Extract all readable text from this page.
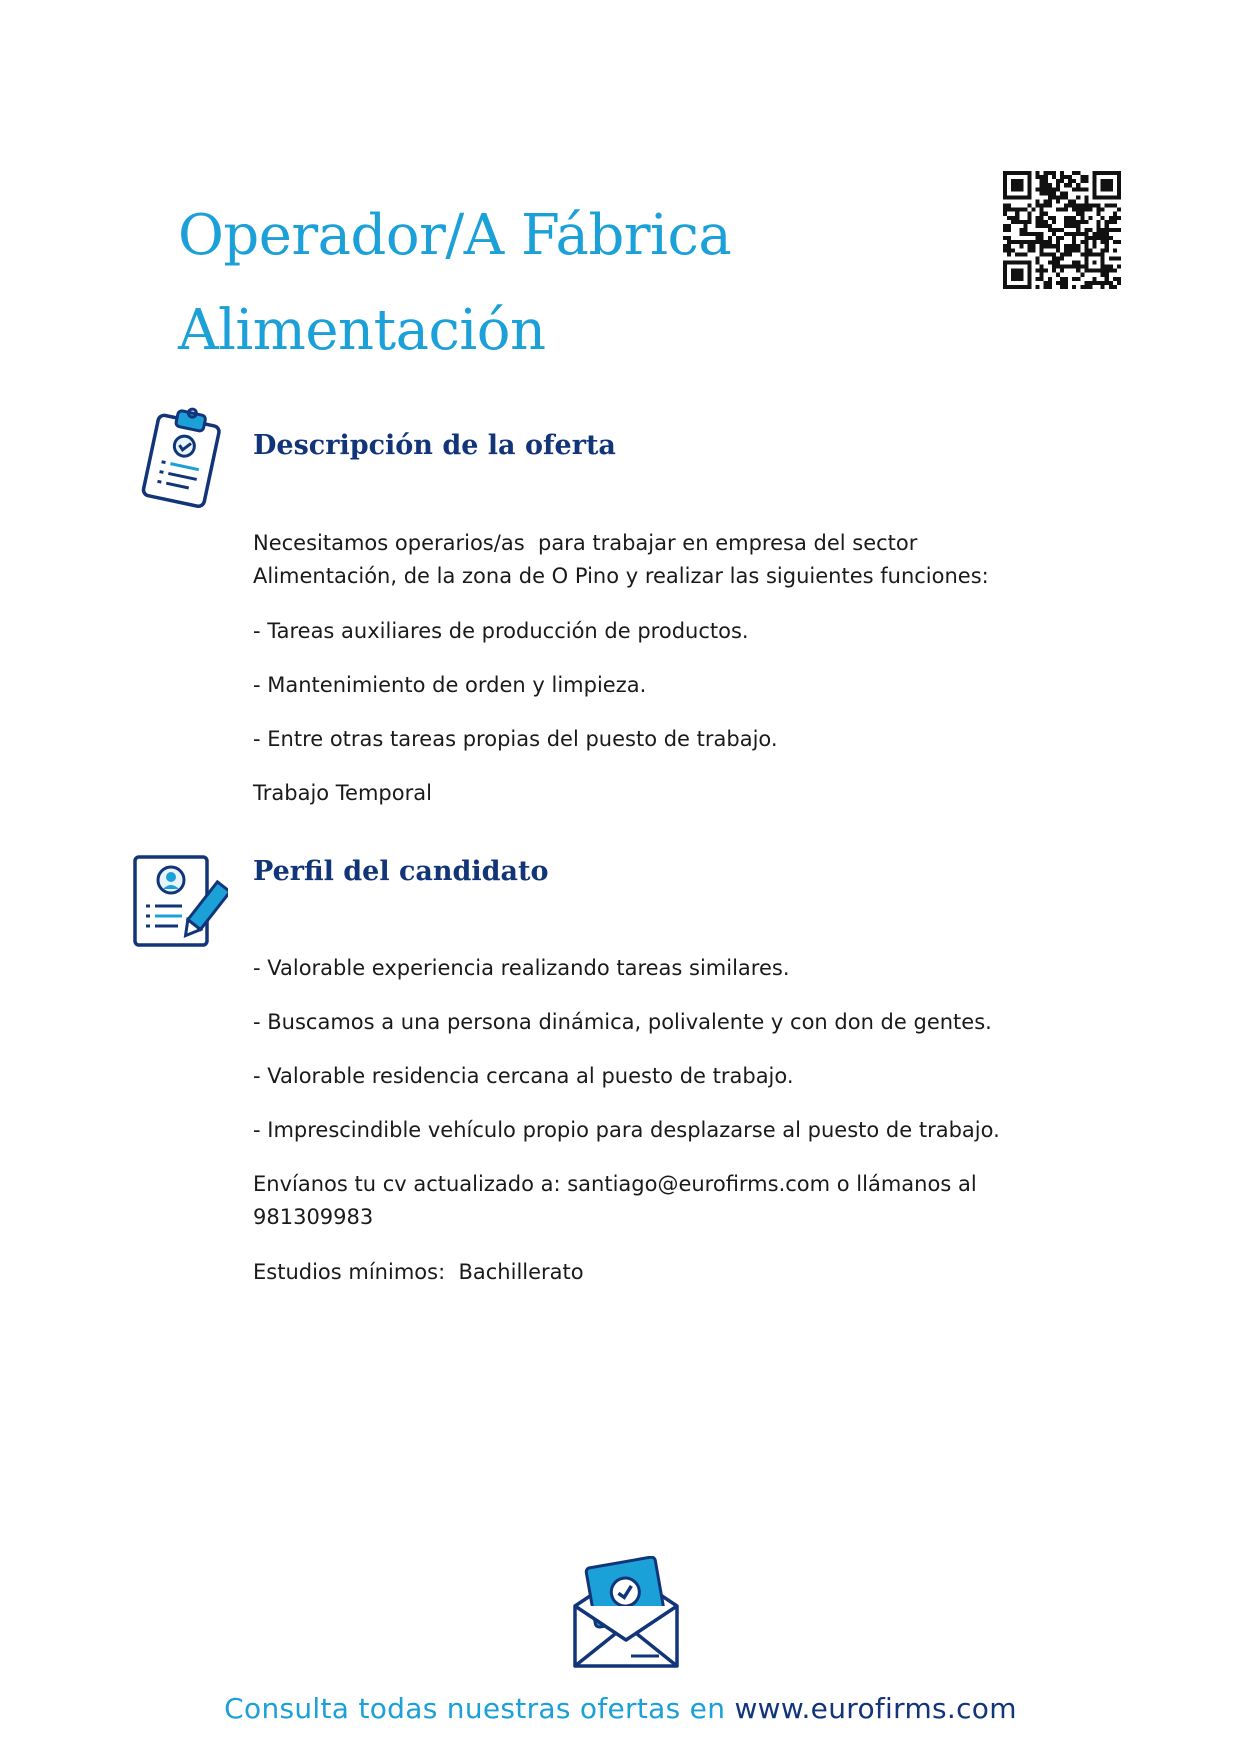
Operador/A Fábrica
Alimentación
Descripción de la oferta

Necesitamos operarios/as  para trabajar en empresa del sector
Alimentación, de la zona de O Pino y realizar las siguientes funciones:

- Tareas auxiliares de producción de productos.

- Mantenimiento de orden y limpieza.

- Entre otras tareas propias del puesto de trabajo.

Trabajo Temporal

Perfil del candidato

- Valorable experiencia realizando tareas similares.

- Buscamos a una persona dinámica, polivalente y con don de gentes.

- Valorable residencia cercana al puesto de trabajo.

- Imprescindible vehículo propio para desplazarse al puesto de trabajo.

Envíanos tu cv actualizado a: santiago@eurofirms.com o llámanos al
981309983

Estudios mínimos:  Bachillerato

Consulta todas nuestras ofertas en www.eurofirms.com
